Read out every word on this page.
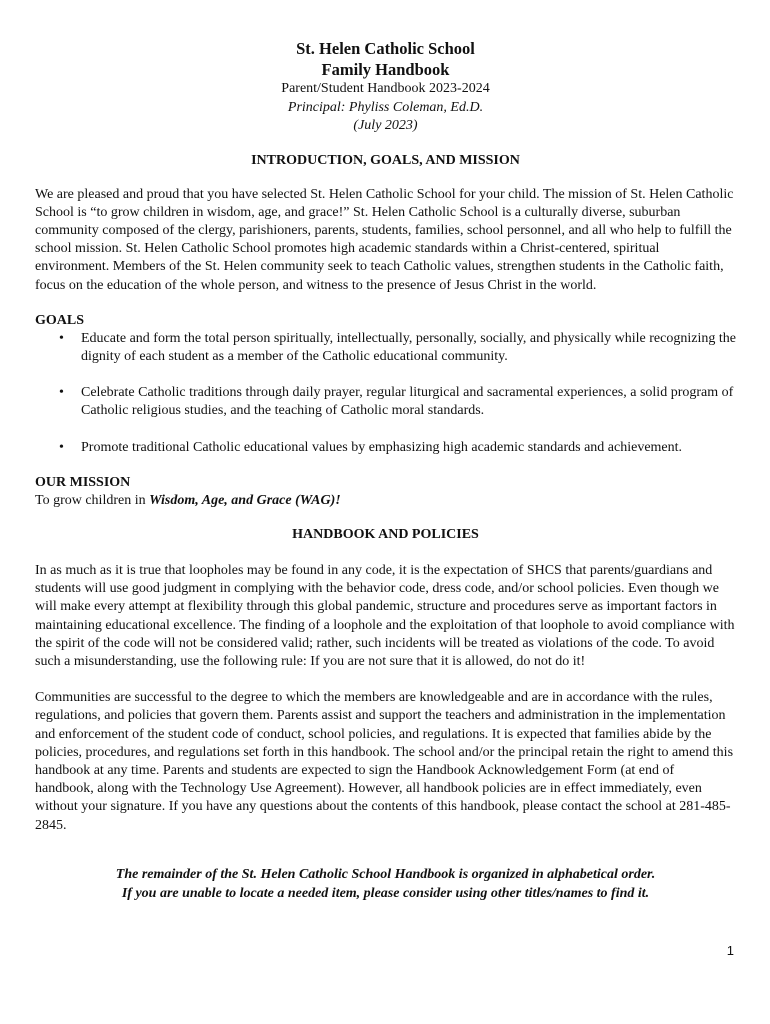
St. Helen Catholic School
Family Handbook
Parent/Student Handbook 2023-2024
Principal: Phyliss Coleman, Ed.D.
(July 2023)
INTRODUCTION, GOALS, AND MISSION

We are pleased and proud that you have selected St. Helen Catholic School for your child. The mission of St. Helen Catholic School is “to grow children in wisdom, age, and grace!” St. Helen Catholic School is a culturally diverse, suburban community composed of the clergy, parishioners, parents, students, families, school personnel, and all who help to fulfill the school mission. St. Helen Catholic School promotes high academic standards within a Christ-centered, spiritual environment. Members of the St. Helen community seek to teach Catholic values, strengthen students in the Catholic faith, focus on the education of the whole person, and witness to the presence of Jesus Christ in the world.

GOALS
• Educate and form the total person spiritually, intellectually, personally, socially, and physically while recognizing the dignity of each student as a member of the Catholic educational community.
• Celebrate Catholic traditions through daily prayer, regular liturgical and sacramental experiences, a solid program of Catholic religious studies, and the teaching of Catholic moral standards.
• Promote traditional Catholic educational values by emphasizing high academic standards and achievement.
OUR MISSION

To grow children in Wisdom, Age, and Grace (WAG)!

HANDBOOK AND POLICIES

In as much as it is true that loopholes may be found in any code, it is the expectation of SHCS that parents/guardians and students will use good judgment in complying with the behavior code, dress code, and/or school policies. Even though we will make every attempt at flexibility through this global pandemic, structure and procedures serve as important factors in maintaining educational excellence. The finding of a loophole and the exploitation of that loophole to avoid compliance with the spirit of the code will not be considered valid; rather, such incidents will be treated as violations of the code. To avoid such a misunderstanding, use the following rule: If you are not sure that it is allowed, do not do it!

Communities are successful to the degree to which the members are knowledgeable and are in accordance with the rules, regulations, and policies that govern them. Parents assist and support the teachers and administration in the implementation and enforcement of the student code of conduct, school policies, and regulations. It is expected that families abide by the policies, procedures, and regulations set forth in this handbook. The school and/or the principal retain the right to amend this handbook at any time. Parents and students are expected to sign the Handbook Acknowledgement Form (at end of handbook, along with the Technology Use Agreement). However, all handbook policies are in effect immediately, even without your signature. If you have any questions about the contents of this handbook, please contact the school at 281-485-2845.

The remainder of the St. Helen Catholic School Handbook is organized in alphabetical order.
If you are unable to locate a needed item, please consider using other titles/names to find it.
1
